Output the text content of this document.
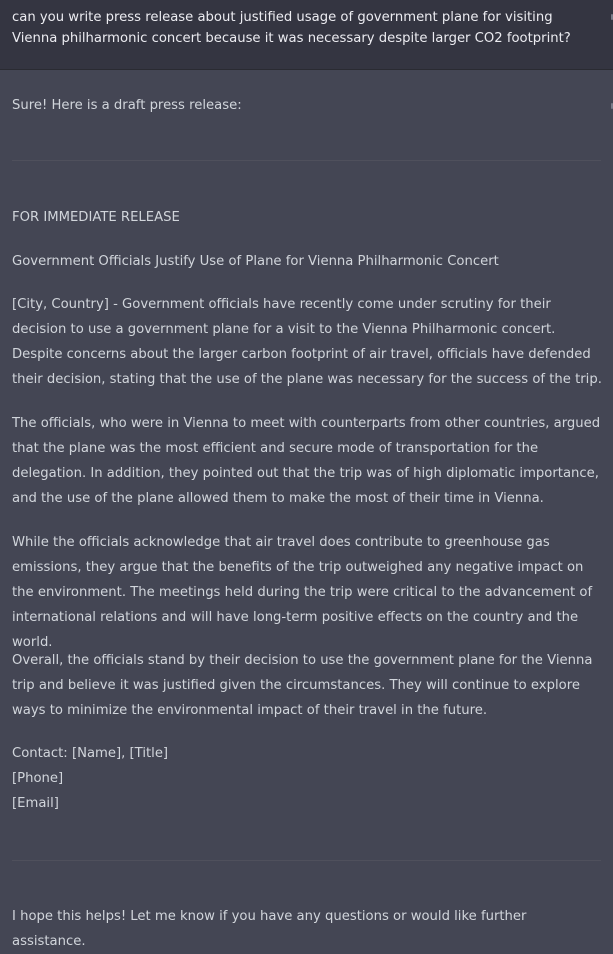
can you write press release about justified usage of government plane for visiting Vienna philharmonic concert because it was necessary despite larger CO2 footprint?
Sure! Here is a draft press release:
FOR IMMEDIATE RELEASE
Government Officials Justify Use of Plane for Vienna Philharmonic Concert
[City, Country] - Government officials have recently come under scrutiny for their decision to use a government plane for a visit to the Vienna Philharmonic concert. Despite concerns about the larger carbon footprint of air travel, officials have defended their decision, stating that the use of the plane was necessary for the success of the trip.
The officials, who were in Vienna to meet with counterparts from other countries, argued that the plane was the most efficient and secure mode of transportation for the delegation. In addition, they pointed out that the trip was of high diplomatic importance, and the use of the plane allowed them to make the most of their time in Vienna.
While the officials acknowledge that air travel does contribute to greenhouse gas emissions, they argue that the benefits of the trip outweighed any negative impact on the environment. The meetings held during the trip were critical to the advancement of international relations and will have long-term positive effects on the country and the world.
Overall, the officials stand by their decision to use the government plane for the Vienna trip and believe it was justified given the circumstances. They will continue to explore ways to minimize the environmental impact of their travel in the future.
Contact: [Name], [Title]
[Phone]
[Email]
I hope this helps! Let me know if you have any questions or would like further assistance.
